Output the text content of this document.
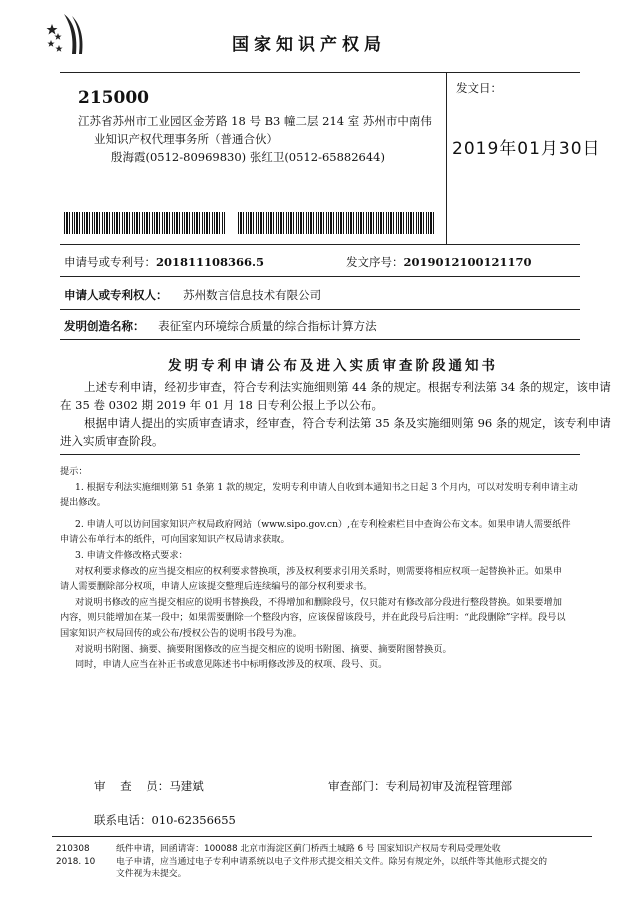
国家知识产权局
215000
江苏省苏州市工业园区金芳路 18 号 B3 幢二层 214 室 苏州市中南伟
业知识产权代理事务所（普通合伙）
殷海霞(0512-80969830) 张红卫(0512-65882644)
发文日：
2019年01月30日
申请号或专利号：201811108366.5	发文序号：2019012100121170
申请人或专利权人： 苏州数言信息技术有限公司
发明创造名称： 表征室内环境综合质量的综合指标计算方法
发明专利申请公布及进入实质审查阶段通知书
上述专利申请，经初步审查，符合专利法实施细则第 44 条的规定。根据专利法第 34 条的规定，该申请
在 35 卷 0302 期 2019 年 01 月 18 日专利公报上予以公布。
根据申请人提出的实质审查请求，经审查，符合专利法第 35 条及实施细则第 96 条的规定，该专利申请
进入实质审查阶段。
提示：
1. 根据专利法实施细则第 51 条第 1 款的规定，发明专利申请人自收到本通知书之日起 3 个月内，可以对发明专利申请主动
提出修改。
2. 申请人可以访问国家知识产权局政府网站（www.sipo.gov.cn）,在专利检索栏目中查询公布文本。如果申请人需要纸件
申请公布单行本的纸件，可向国家知识产权局请求获取。
3. 申请文件修改格式要求：
对权利要求修改的应当提交相应的权利要求替换项，涉及权利要求引用关系时，则需要将相应权项一起替换补正。如果申
请人需要删除部分权项，申请人应该提交整理后连续编号的部分权利要求书。
对说明书修改的应当提交相应的说明书替换段，不得增加和删除段号，仅只能对有修改部分段进行整段替换。如果要增加
内容，则只能增加在某一段中；如果需要删除一个整段内容，应该保留该段号，并在此段号后注明：“此段删除”字样。段号以
国家知识产权局回传的或公布/授权公告的说明书段号为准。
对说明书附图、摘要、摘要附图修改的应当提交相应的说明书附图、摘要、摘要附图替换页。
同时，申请人应当在补正书或意见陈述书中标明修改涉及的权项、段号、页。
审    查    员：马建斌	审查部门：专利局初审及流程管理部
联系电话：010-62356655
210308
2018. 10
纸件申请，回函请寄：100088 北京市海淀区蓟门桥西土城路 6 号 国家知识产权局专利局受理处收
电子申请，应当通过电子专利申请系统以电子文件形式提交相关文件。除另有规定外，以纸件等其他形式提交的
文件视为未提交。
